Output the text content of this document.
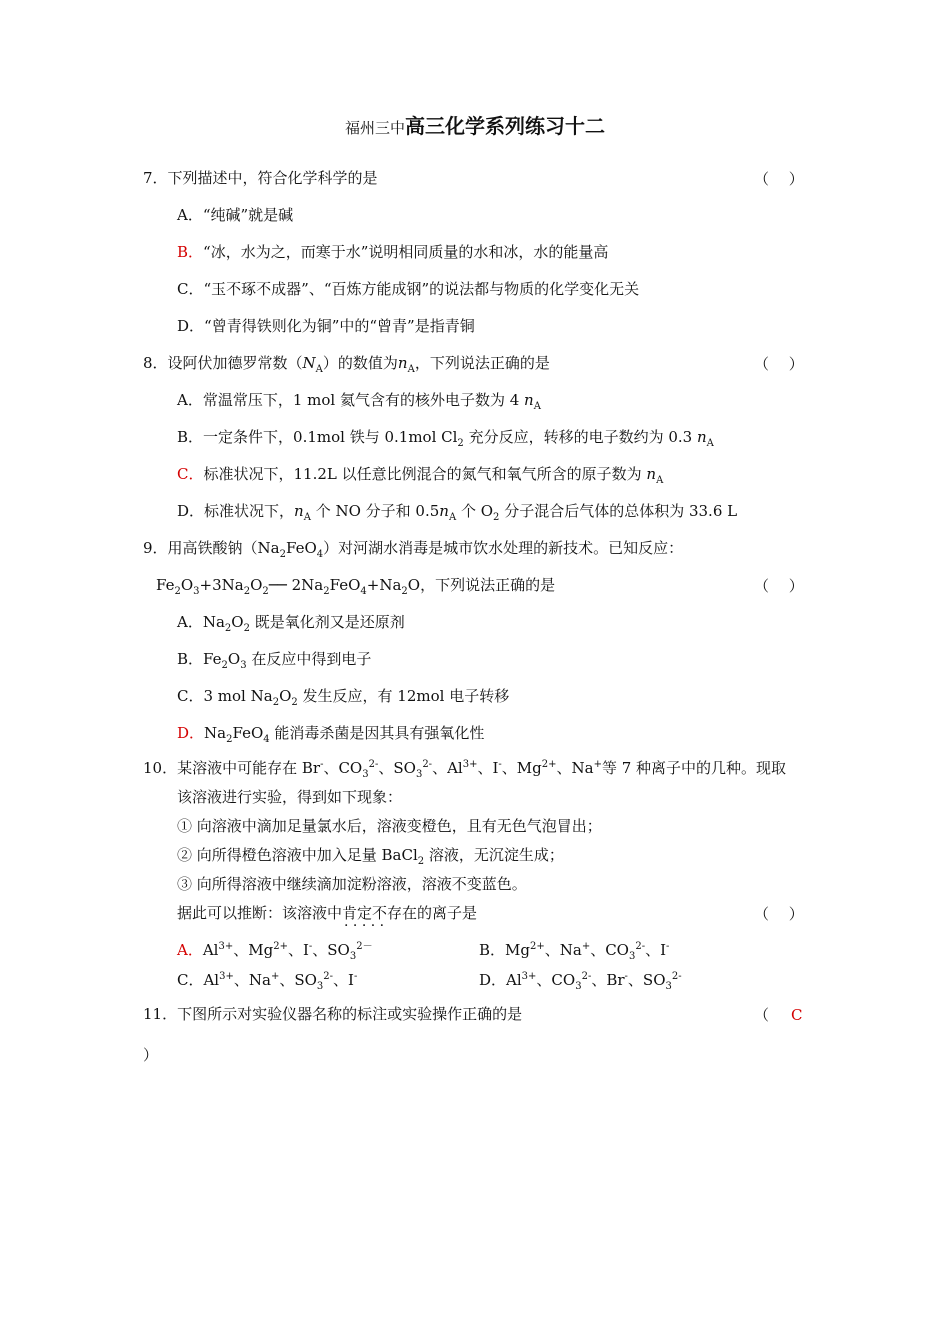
福州三中高三化学系列练习十二
7．下列描述中，符合化学科学的是	（　 ）
A．“纯碱”就是碱
B．“冰，水为之，而寒于水”说明相同质量的水和冰，水的能量高
C．“玉不琢不成器”、“百炼方能成钢”的说法都与物质的化学变化无关
D．“曾青得铁则化为铜”中的“曾青”是指青铜
8．设阿伏加德罗常数$(N_A)$的数值为$n_A$，下列说法正确的是	（　 ）
A．常温常压下，1 mol 氦气含有的核外电子数为 4 $n_A$
B．一定条件下，0.1mol 铁与 0.1mol $Cl_2$ 充分反应，转移的电子数约为 0.3 $n_A$
C．标准状况下，11.2L 以任意比例混合的氮气和氧气所含的原子数为 $n_A$
D．标准状况下，$n_A$ 个 NO 分子和 $0.5n_A$ 个 $O_2$ 分子混合后气体的总体积为 33.6 L
9．用高铁酸钠$(Na_2FeO_4)$对河湖水消毒是城市饮水处理的新技术。已知反应：
$Fe_2O_3+3Na_2O_2──$ $2Na_2FeO_4+Na_2O$，下列说法正确的是	（　 ）
A．$Na_2O_2$ 既是氧化剂又是还原剂
B．$Fe_2O_3$ 在反应中得到电子
C．3 mol $Na_2O_2$ 发生反应，有 12mol 电子转移
D．$Na_2FeO_4$ 能消毒杀菌是因其具有强氧化性
10．某溶液中可能存在 Br-、$CO_3^{2-}$、$SO_3^{2-}$、$Al^{3+}$、I-、$Mg^{2+}$、Na+等 7 种离子中的几种。现取
该溶液进行实验，得到如下现象：
① 向溶液中滴加足量氯水后，溶液变橙色，且有无色气泡冒出；
② 向所得橙色溶液中加入足量 BaCl$_2$ 溶液，无沉淀生成；
③ 向所得溶液中继续滴加淀粉溶液，溶液不变蓝色。
据此可以推断：该溶液中肯定不存在 · · 的离子是	（　 ）
A．$Al^{3+}$、$Mg^{2+}$、I-、$SO_3^{2-}$	B．$Mg^{2+}$、Na+、$CO_3^{2-}$、I-
C．$Al^{3+}$、Na+、$SO_3^{2-}$、I-	D．$Al^{3+}$、$CO_3^{2-}$、Br-、$SO_3^{2-}$
11．下图所示对实验仪器名称的标注或实验操作正确的是	（ C
）
